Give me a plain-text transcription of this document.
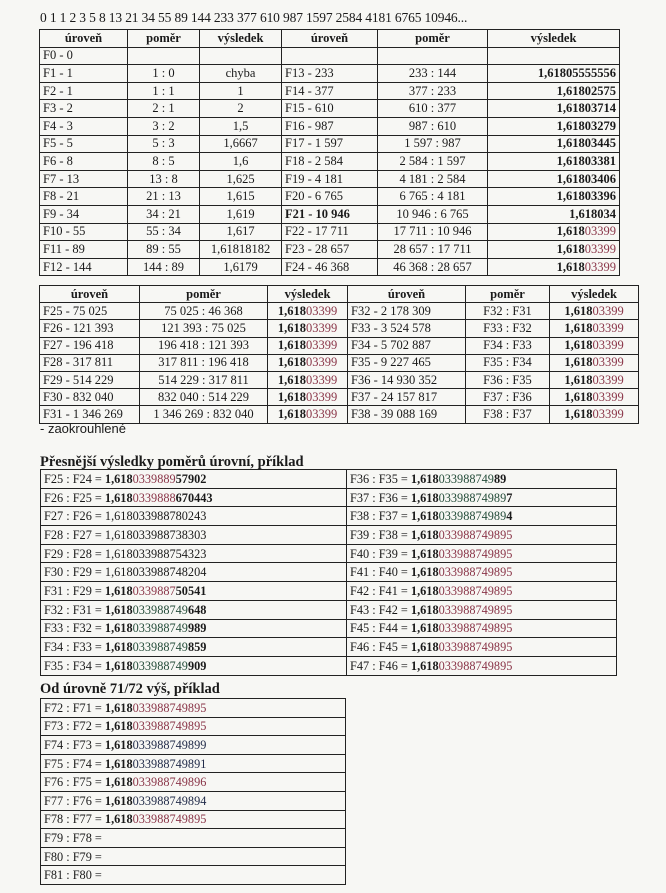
0 1 1 2 3 5 8 13 21 34 55 89 144 233 377 610 987 1597 2584 4181 6765 10946...
úroveň	poměr	výsledek	úroveň	poměr	výsledek
F0 - 0					
F1 - 1	1 : 0	chyba	F13 - 233	233 : 144	1,61805555556
F2 - 1	1 : 1	1	F14 - 377	377 : 233	1,61802575
F3 - 2	2 : 1	2	F15 - 610	610 : 377	1,61803714
F4 - 3	3 : 2	1,5	F16 - 987	987 : 610	1,61803279
F5 - 5	5 : 3	1,6667	F17 - 1 597	1 597 : 987	1,61803445
F6 - 8	8 : 5	1,6	F18 - 2 584	2 584 : 1 597	1,61803381
F7 - 13	13 : 8	1,625	F19 - 4 181	4 181 : 2 584	1,61803406
F8 - 21	21 : 13	1,615	F20 - 6 765	6 765 : 4 181	1,61803396
F9 - 34	34 : 21	1,619	F21 - 10 946	10 946 : 6 765	1,618034
F10 - 55	55 : 34	1,617	F22 - 17 711	17 711 : 10 946	1,61803399
F11 - 89	89 : 55	1,61818182	F23 - 28 657	28 657 : 17 711	1,61803399
F12 - 144	144 : 89	1,6179	F24 - 46 368	46 368 : 28 657	1,61803399
úroveň	poměr	výsledek	úroveň	poměr	výsledek
F25 - 75 025	75 025 : 46 368	1,61803399	F32 - 2 178 309	F32 : F31	1,61803399
F26 - 121 393	121 393 : 75 025	1,61803399	F33 - 3 524 578	F33 : F32	1,61803399
F27 - 196 418	196 418 : 121 393	1,61803399	F34 - 5 702 887	F34 : F33	1,61803399
F28 - 317 811	317 811 : 196 418	1,61803399	F35 - 9 227 465	F35 : F34	1,61803399
F29 - 514 229	514 229 : 317 811	1,61803399	F36 - 14 930 352	F36 : F35	1,61803399
F30 - 832 040	832 040 : 514 229	1,61803399	F37 - 24 157 817	F37 : F36	1,61803399
F31 - 1 346 269	1 346 269 : 832 040	1,61803399	F38 - 39 088 169	F38 : F37	1,61803399
- zaokrouhlené
Přesnější výsledky poměrů úrovní, příklad
F25 : F24 = 1,618033988957902	F36 : F35 = 1,61803398874989
F26 : F25 = 1,6180339888670443	F37 : F36 = 1,618033988749897
F27 : F26 = 1,618033988780243	F38 : F37 = 1,618033988749894
F28 : F27 = 1,618033988738303	F39 : F38 = 1,618033988749895
F29 : F28 = 1,618033988754323	F40 : F39 = 1,618033988749895
F30 : F29 = 1,618033988748204	F41 : F40 = 1,618033988749895
F31 : F29 = 1,618033988750541	F42 : F41 = 1,618033988749895
F32 : F31 = 1,618033988749648	F43 : F42 = 1,618033988749895
F33 : F32 = 1,618033988749989	F45 : F44 = 1,618033988749895
F34 : F33 = 1,618033988749859	F46 : F45 = 1,618033988749895
F35 : F34 = 1,618033988749909	F47 : F46 = 1,618033988749895
Od úrovně 71/72 výš, příklad
F72 : F71 = 1,618033988749895
F73 : F72 = 1,618033988749895
F74 : F73 = 1,618033988749899
F75 : F74 = 1,618033988749891
F76 : F75 = 1,618033988749896
F77 : F76 = 1,618033988749894
F78 : F77 = 1,618033988749895
F79 : F78 =
F80 : F79 =
F81 : F80 =
